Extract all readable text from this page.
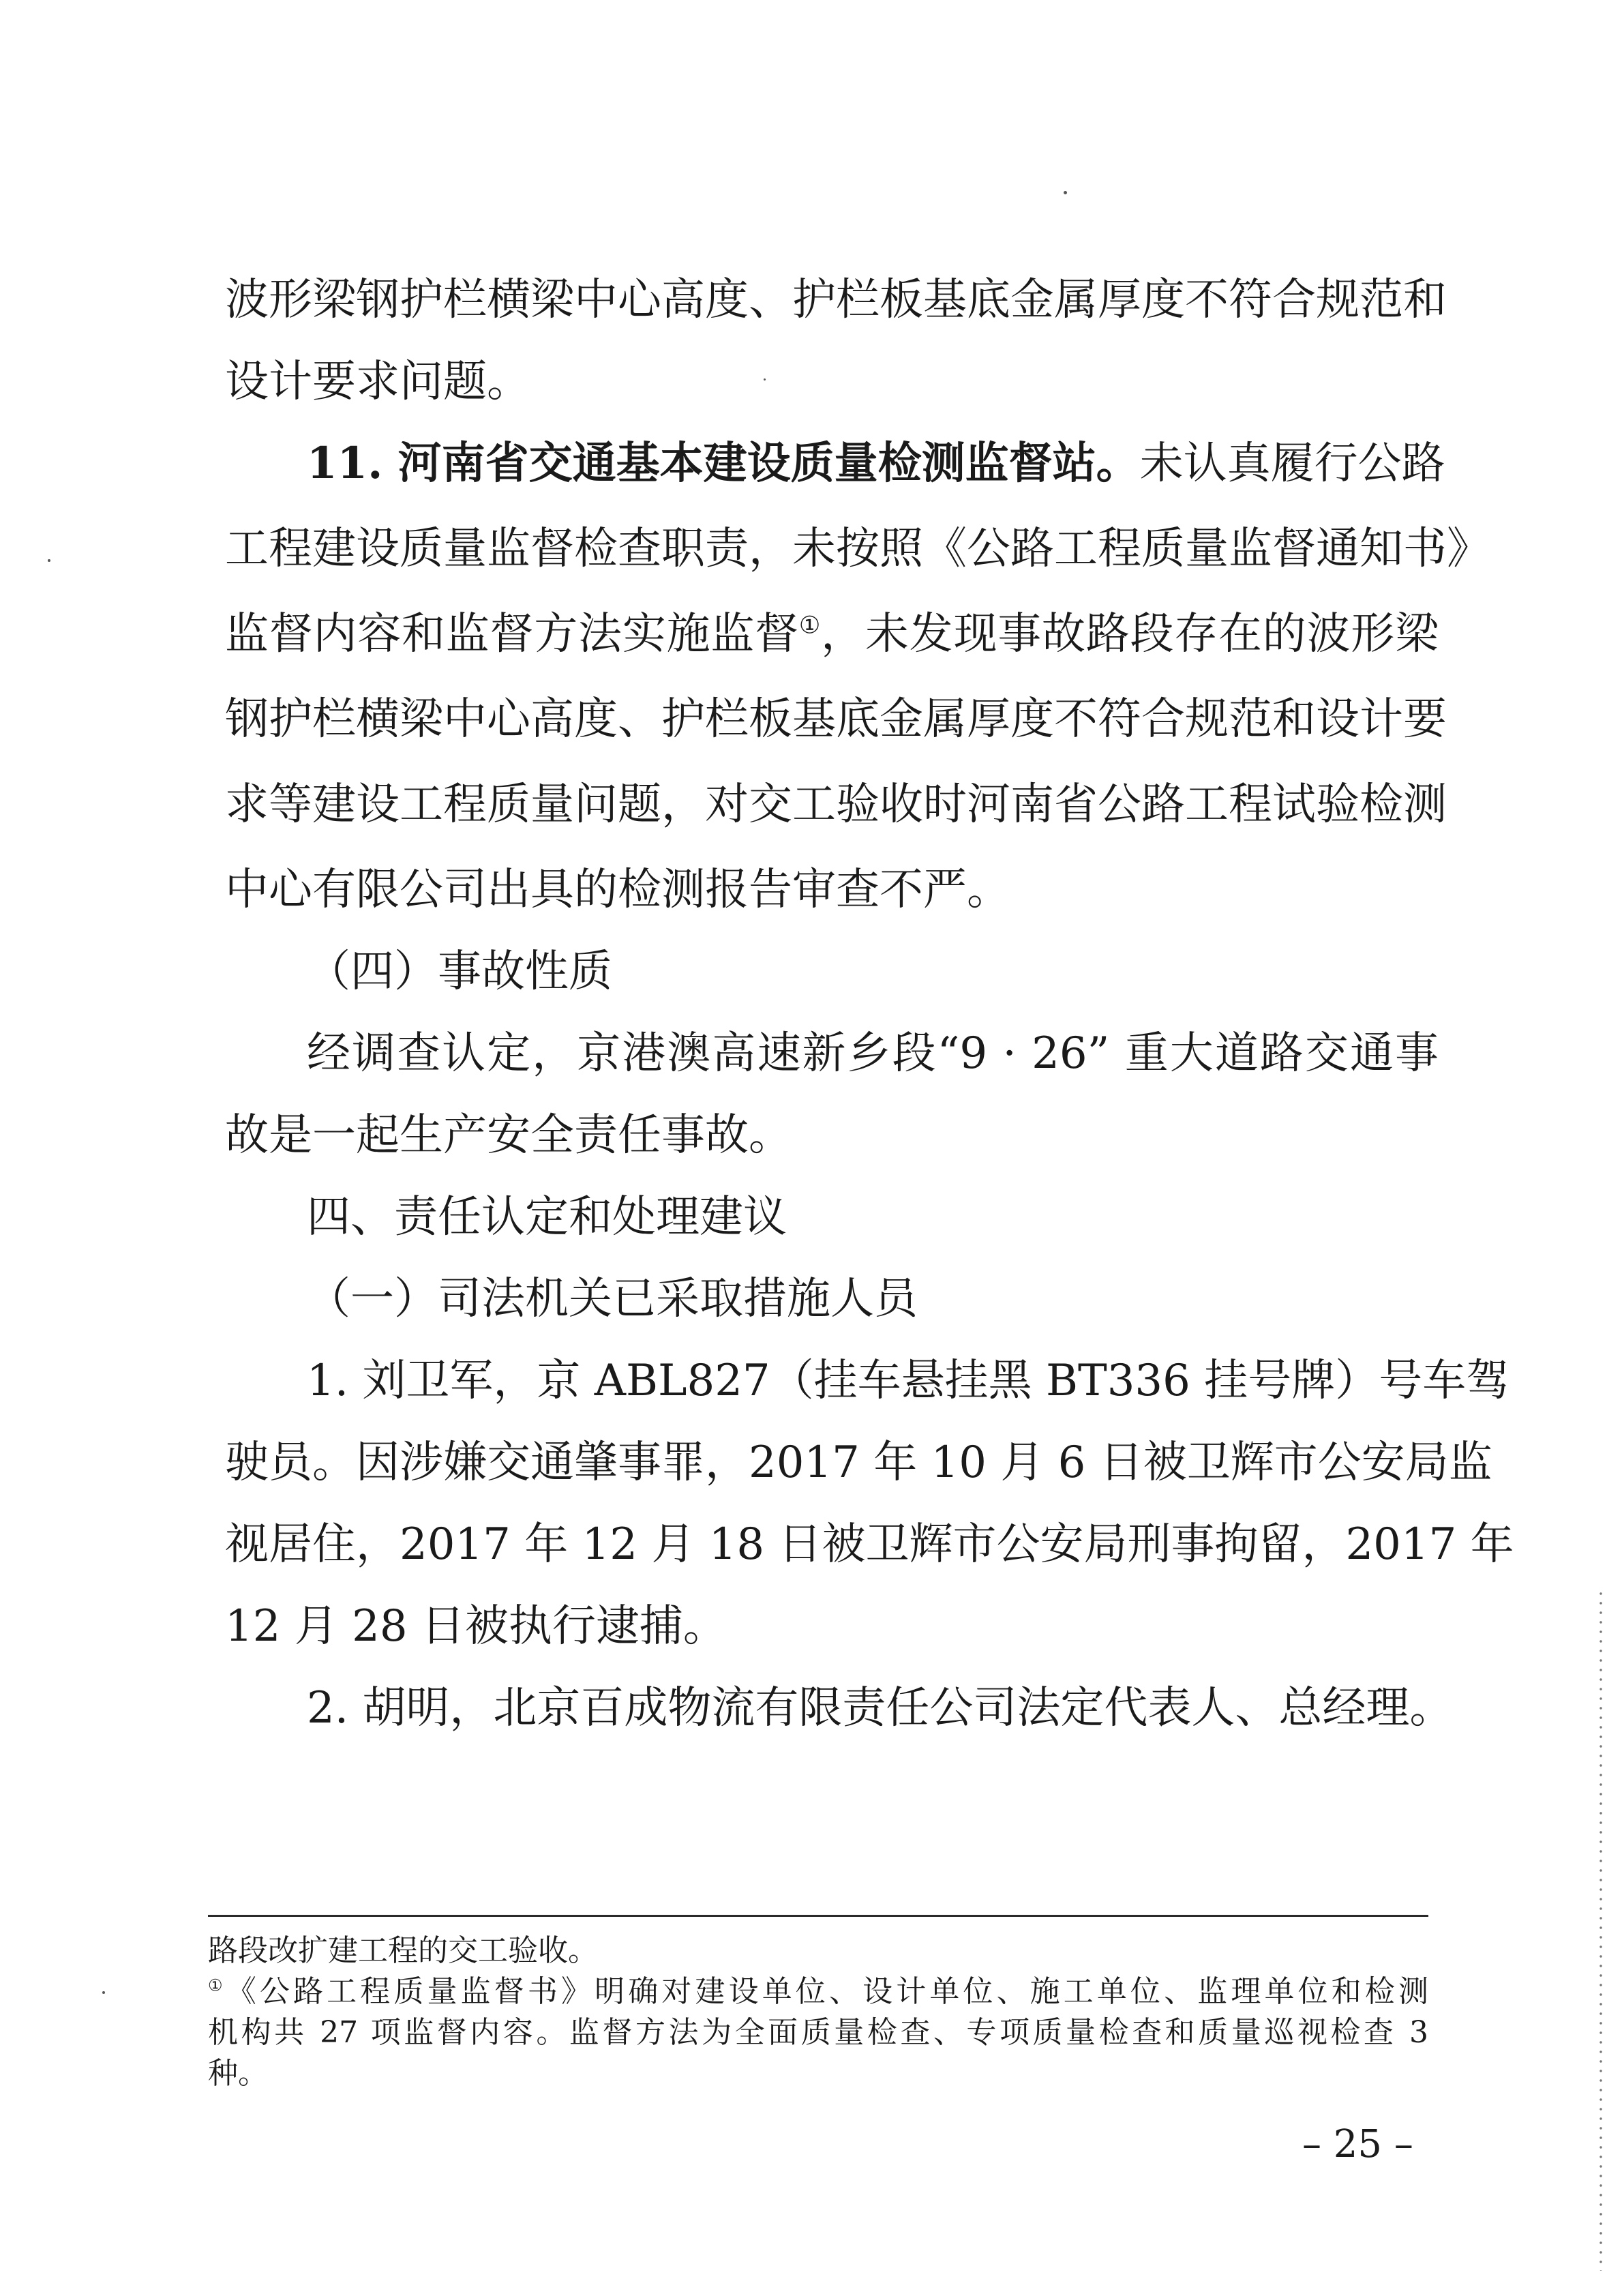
波形梁钢护栏横梁中心高度、护栏板基底金属厚度不符合规范和
设计要求问题。
11. 河南省交通基本建设质量检测监督站。未认真履行公路
工程建设质量监督检查职责，未按照《公路工程质量监督通知书》
监督内容和监督方法实施监督①，未发现事故路段存在的波形梁
钢护栏横梁中心高度、护栏板基底金属厚度不符合规范和设计要
求等建设工程质量问题，对交工验收时河南省公路工程试验检测
中心有限公司出具的检测报告审查不严。
（四）事故性质
经调查认定，京港澳高速新乡段“9 · 26” 重大道路交通事
故是一起生产安全责任事故。
四、责任认定和处理建议
（一）司法机关已采取措施人员
1. 刘卫军，京 ABL827（挂车悬挂黑 BT336 挂号牌）号车驾
驶员。因涉嫌交通肇事罪，2017 年 10 月 6 日被卫辉市公安局监
视居住，2017 年 12 月 18 日被卫辉市公安局刑事拘留，2017 年
12 月 28 日被执行逮捕。
2. 胡明，北京百成物流有限责任公司法定代表人、总经理。
路段改扩建工程的交工验收。
①《公路工程质量监督书》明确对建设单位、设计单位、施工单位、监理单位和检测
机构共 27 项监督内容。监督方法为全面质量检查、专项质量检查和质量巡视检查 3
种。
– 25 –
